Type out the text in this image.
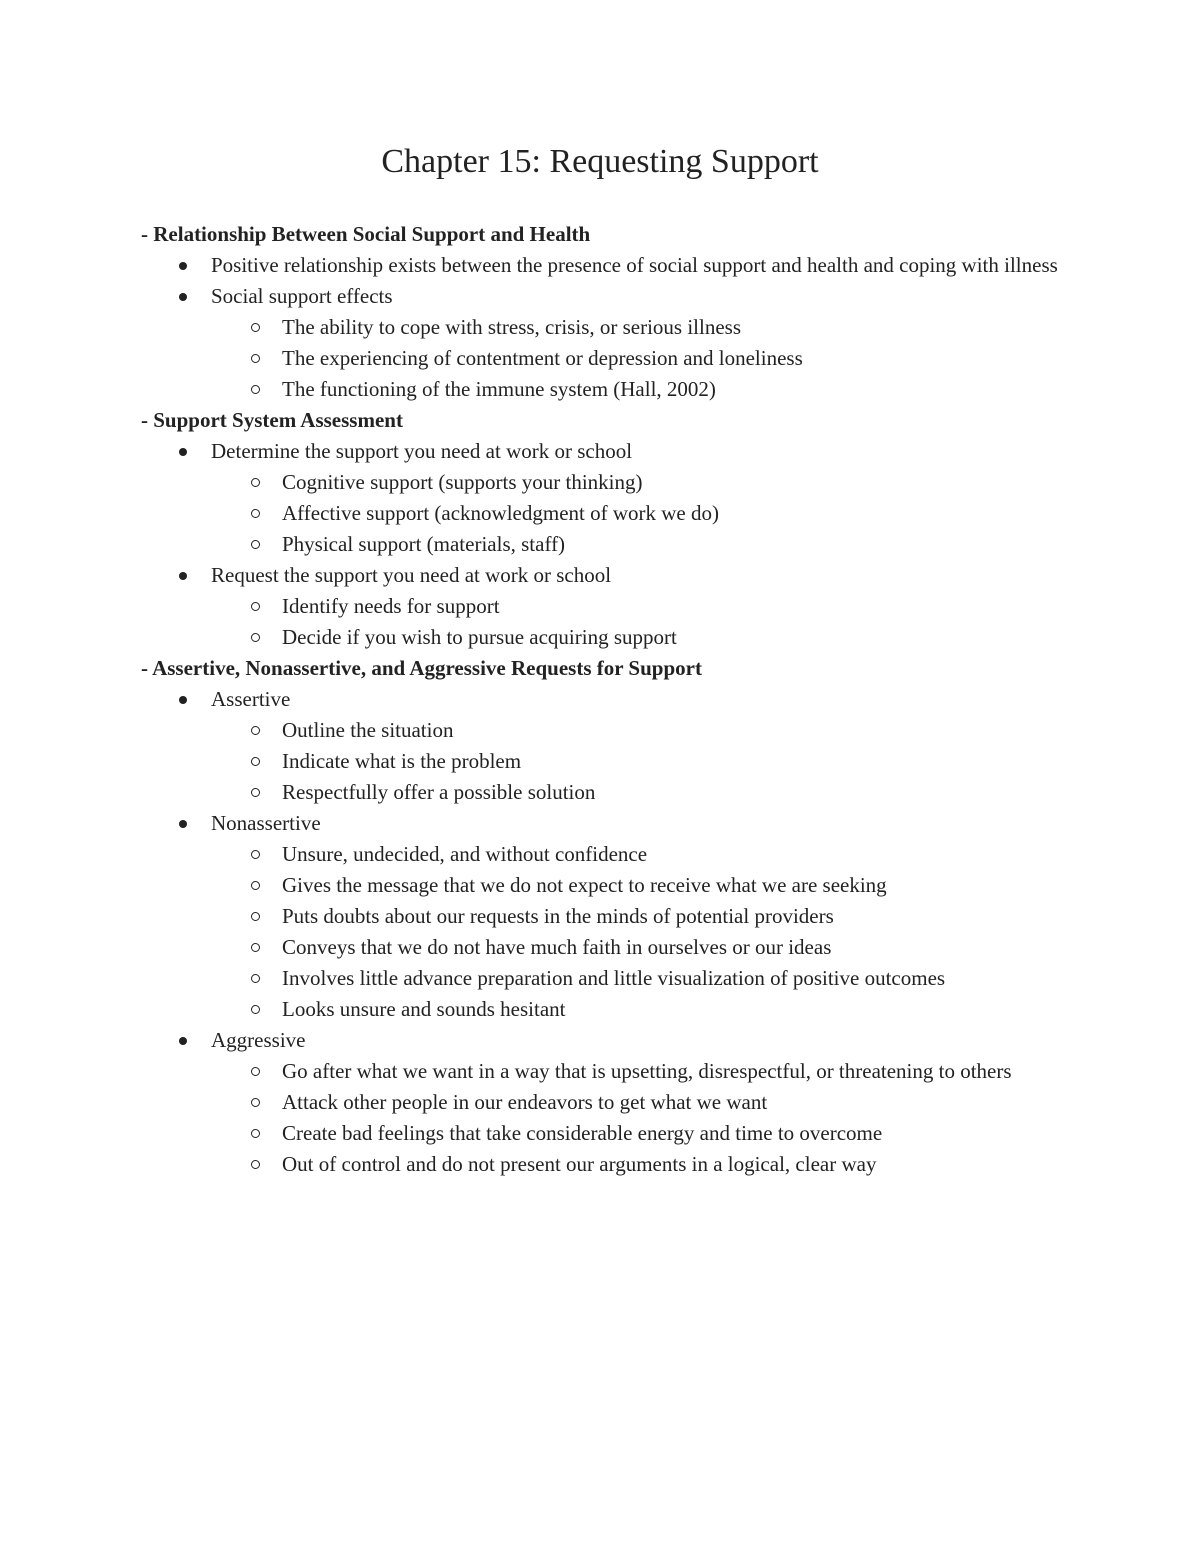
Chapter 15: Requesting Support

- Relationship Between Social Support and Health

Positive relationship exists between the presence of social support and health and coping with illness
Social support effects
The ability to cope with stress, crisis, or serious illness
The experiencing of contentment or depression and loneliness
The functioning of the immune system (Hall, 2002)

- Support System Assessment

Determine the support you need at work or school
Cognitive support (supports your thinking)
Affective support (acknowledgment of work we do)
Physical support (materials, staff)
Request the support you need at work or school
Identify needs for support
Decide if you wish to pursue acquiring support

- Assertive, Nonassertive, and Aggressive Requests for Support

Assertive
Outline the situation
Indicate what is the problem
Respectfully offer a possible solution
Nonassertive
Unsure, undecided, and without confidence
Gives the message that we do not expect to receive what we are seeking
Puts doubts about our requests in the minds of potential providers
Conveys that we do not have much faith in ourselves or our ideas
Involves little advance preparation and little visualization of positive outcomes
Looks unsure and sounds hesitant
Aggressive
Go after what we want in a way that is upsetting, disrespectful, or threatening to others
Attack other people in our endeavors to get what we want
Create bad feelings that take considerable energy and time to overcome
Out of control and do not present our arguments in a logical, clear way
